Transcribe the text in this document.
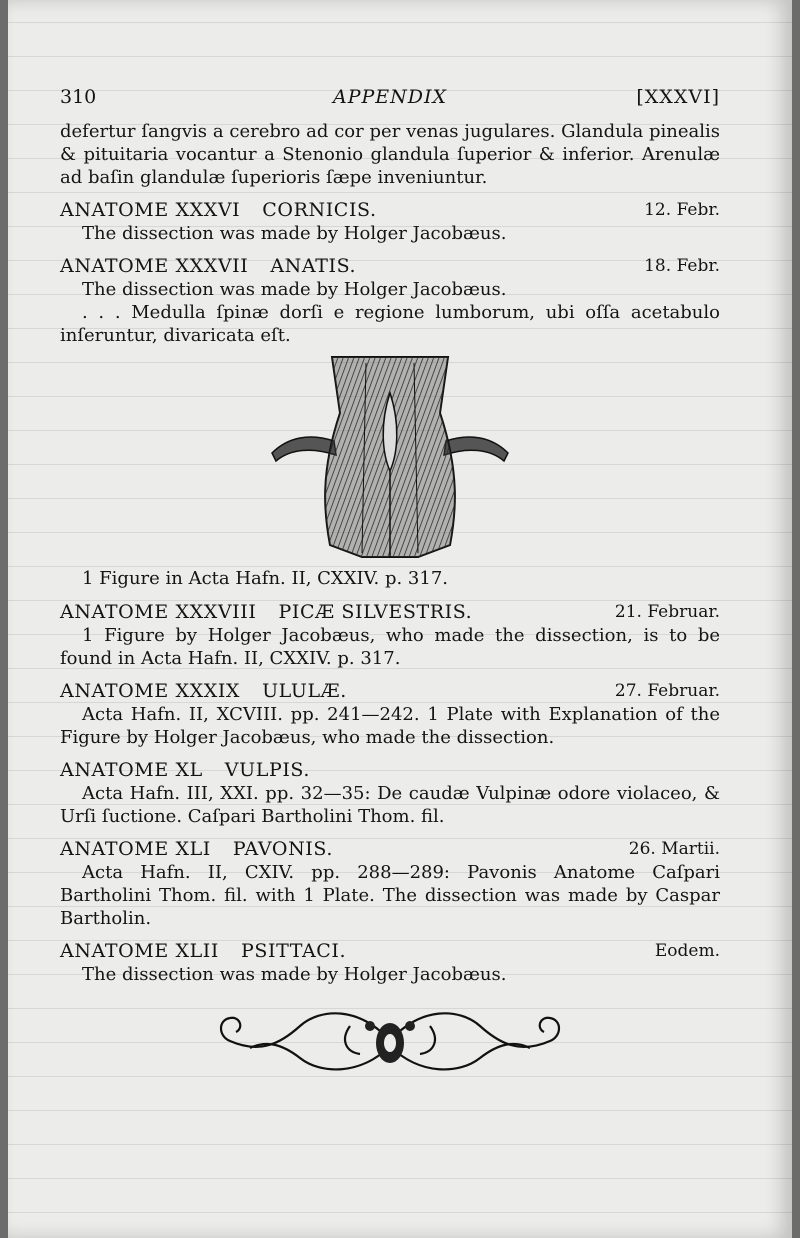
310	APPENDIX	[XXXVI]

defertur ſangvis a cerebro ad cor per venas jugulares. Glandula pinealis & pituitaria vocantur a Stenonio glandula ſuperior & inferior. Arenulæ ad baſin glandulæ ſuperioris ſæpe inveniuntur.

ANATOME XXXVI CORNICIS.	12. Febr.

The dissection was made by Holger Jacobæus.

ANATOME XXXVII ANATIS.	18. Febr.

The dissection was made by Holger Jacobæus.

. . . Medulla ſpinæ dorſi e regione lumborum, ubi oſſa acetabulo inſeruntur, divaricata eſt.

1 Figure in Acta Hafn. II, CXXIV. p. 317.

ANATOME XXXVIII PICÆ SILVESTRIS.	21. Februar.

1 Figure by Holger Jacobæus, who made the dissection, is to be found in Acta Hafn. II, CXXIV. p. 317.

ANATOME XXXIX ULULÆ.	27. Februar.

Acta Hafn. II, XCVIII. pp. 241—242. 1 Plate with Explanation of the Figure by Holger Jacobæus, who made the dissection.

ANATOME XL VULPIS.

Acta Hafn. III, XXI. pp. 32—35: De caudæ Vulpinæ odore violaceo, & Urſi ſuctione. Caſpari Bartholini Thom. fil.

ANATOME XLI PAVONIS.	26. Martii.

Acta Hafn. II, CXIV. pp. 288—289: Pavonis Anatome Caſpari Bartholini Thom. fil. with 1 Plate. The dissection was made by Caspar Bartholin.

ANATOME XLII PSITTACI.	Eodem.

The dissection was made by Holger Jacobæus.
